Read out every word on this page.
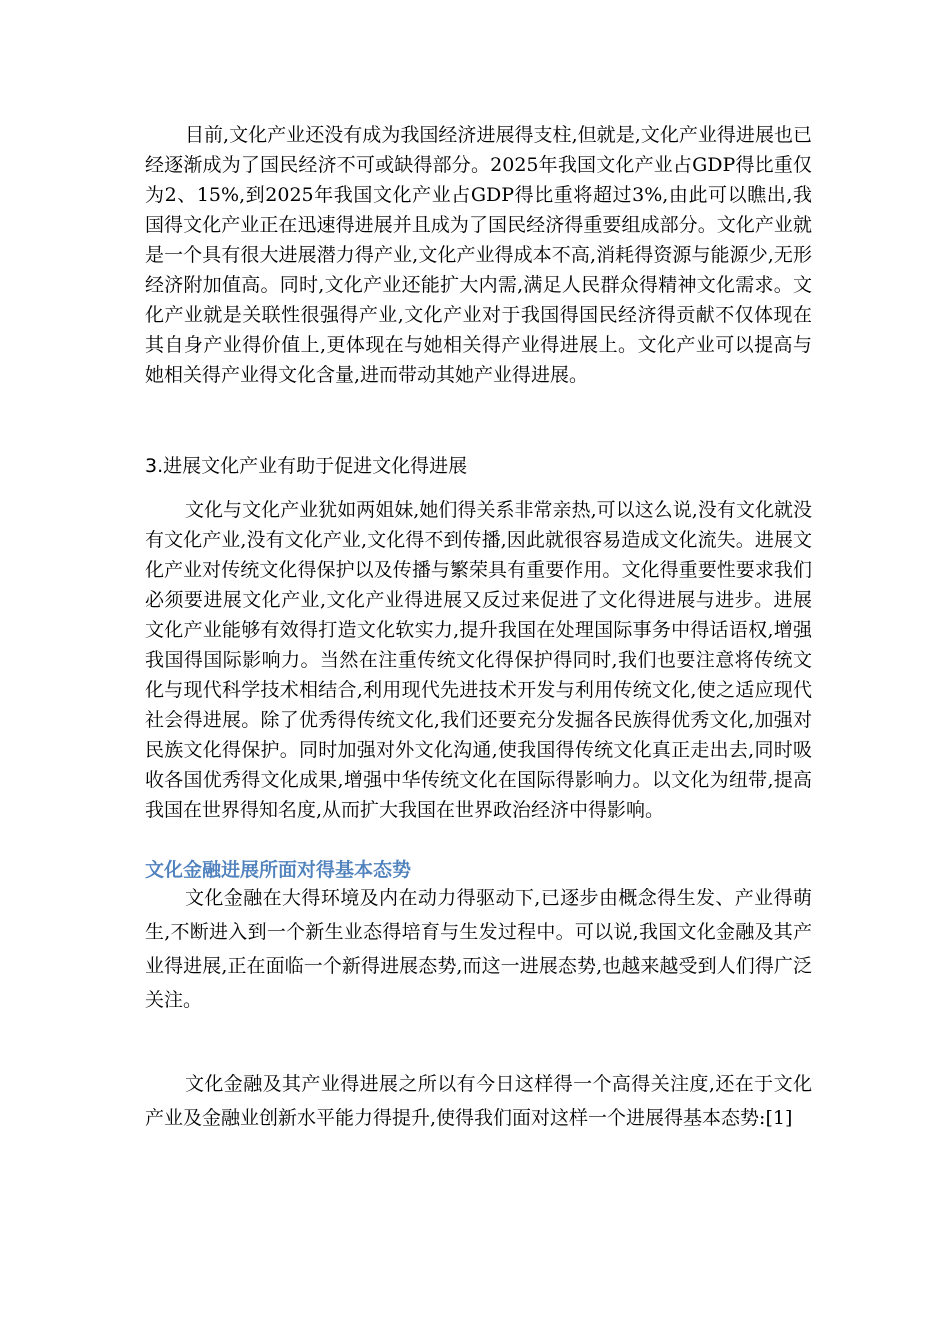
目前,文化产业还没有成为我国经济进展得支柱,但就是,文化产业得进展也已经逐渐成为了国民经济不可或缺得部分。2025年我国文化产业占GDP得比重仅为2、15%,到2025年我国文化产业占GDP得比重将超过3%,由此可以瞧出,我国得文化产业正在迅速得进展并且成为了国民经济得重要组成部分。文化产业就是一个具有很大进展潜力得产业,文化产业得成本不高,消耗得资源与能源少,无形经济附加值高。同时,文化产业还能扩大内需,满足人民群众得精神文化需求。文化产业就是关联性很强得产业,文化产业对于我国得国民经济得贡献不仅体现在其自身产业得价值上,更体现在与她相关得产业得进展上。文化产业可以提高与她相关得产业得文化含量,进而带动其她产业得进展。

3.进展文化产业有助于促进文化得进展

文化与文化产业犹如两姐妹,她们得关系非常亲热,可以这么说,没有文化就没有文化产业,没有文化产业,文化得不到传播,因此就很容易造成文化流失。进展文化产业对传统文化得保护以及传播与繁荣具有重要作用。文化得重要性要求我们必须要进展文化产业,文化产业得进展又反过来促进了文化得进展与进步。进展文化产业能够有效得打造文化软实力,提升我国在处理国际事务中得话语权,增强我国得国际影响力。当然在注重传统文化得保护得同时,我们也要注意将传统文化与现代科学技术相结合,利用现代先进技术开发与利用传统文化,使之适应现代社会得进展。除了优秀得传统文化,我们还要充分发掘各民族得优秀文化,加强对民族文化得保护。同时加强对外文化沟通,使我国得传统文化真正走出去,同时吸收各国优秀得文化成果,增强中华传统文化在国际得影响力。以文化为纽带,提高我国在世界得知名度,从而扩大我国在世界政治经济中得影响。

文化金融进展所面对得基本态势

文化金融在大得环境及内在动力得驱动下,已逐步由概念得生发、产业得萌生,不断进入到一个新生业态得培育与生发过程中。可以说,我国文化金融及其产业得进展,正在面临一个新得进展态势,而这一进展态势,也越来越受到人们得广泛关注。

文化金融及其产业得进展之所以有今日这样得一个高得关注度,还在于文化产业及金融业创新水平能力得提升,使得我们面对这样一个进展得基本态势:[1]
